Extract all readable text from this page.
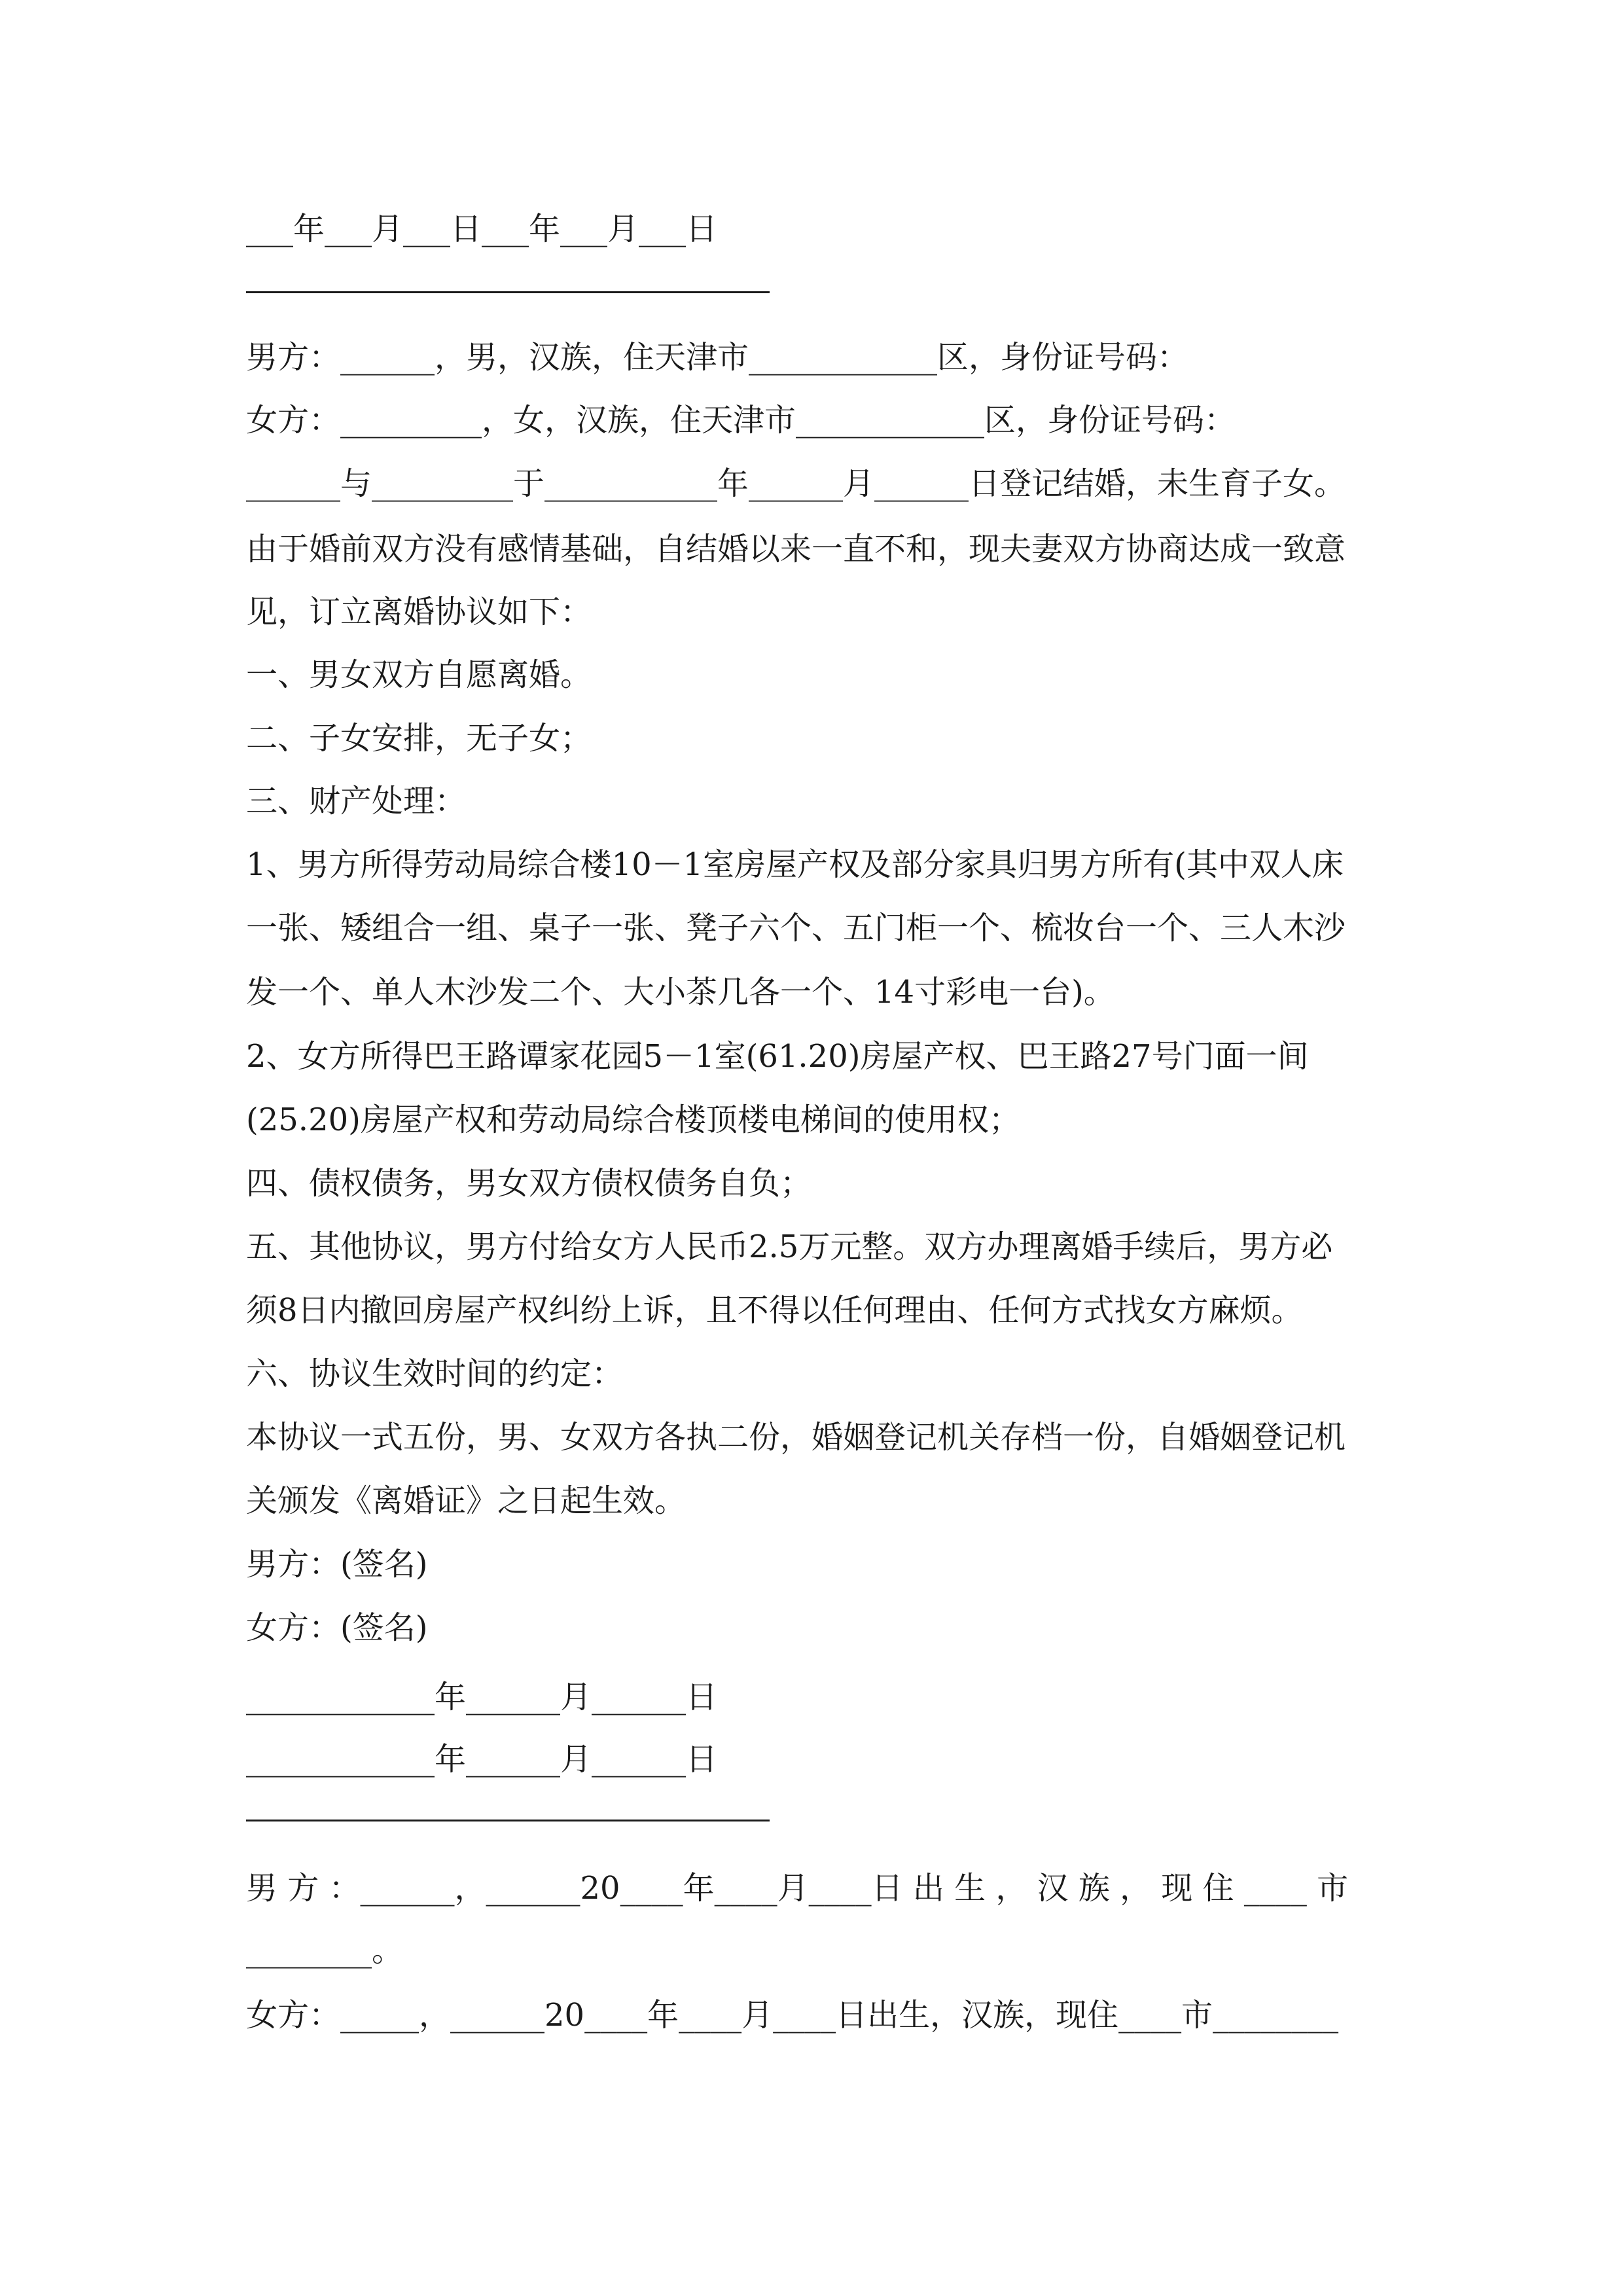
___年___月___日___年___月___日
男方：______，男，汉族，住天津市____________区，身份证号码：
女方：_________，女，汉族，住天津市____________区，身份证号码：
______与_________于___________年______月______日登记结婚，未生育子女。
由于婚前双方没有感情基础，自结婚以来一直不和，现夫妻双方协商达成一致意
见，订立离婚协议如下：
一、男女双方自愿离婚。
二、子女安排，无子女；
三、财产处理：
1、男方所得劳动局综合楼10－1室房屋产权及部分家具归男方所有(其中双人床
一张、矮组合一组、桌子一张、凳子六个、五门柜一个、梳妆台一个、三人木沙
发一个、单人木沙发二个、大小茶几各一个、14寸彩电一台)。
2、女方所得巴王路谭家花园5－1室(61.20)房屋产权、巴王路27号门面一间
(25.20)房屋产权和劳动局综合楼顶楼电梯间的使用权；
四、债权债务，男女双方债权债务自负；
五、其他协议，男方付给女方人民币2.5万元整。双方办理离婚手续后，男方必
须8日内撤回房屋产权纠纷上诉，且不得以任何理由、任何方式找女方麻烦。
六、协议生效时间的约定：
本协议一式五份，男、女双方各执二份，婚姻登记机关存档一份，自婚姻登记机
关颁发《离婚证》之日起生效。
男方：(签名)
女方：(签名)
____________年______月______日
____________年______月______日
男 方 ：______，______20____年____月____日 出 生 ， 汉 族 ， 现 住 ____ 市
________。
女方：_____，______20____年____月____日出生，汉族，现住____市________
